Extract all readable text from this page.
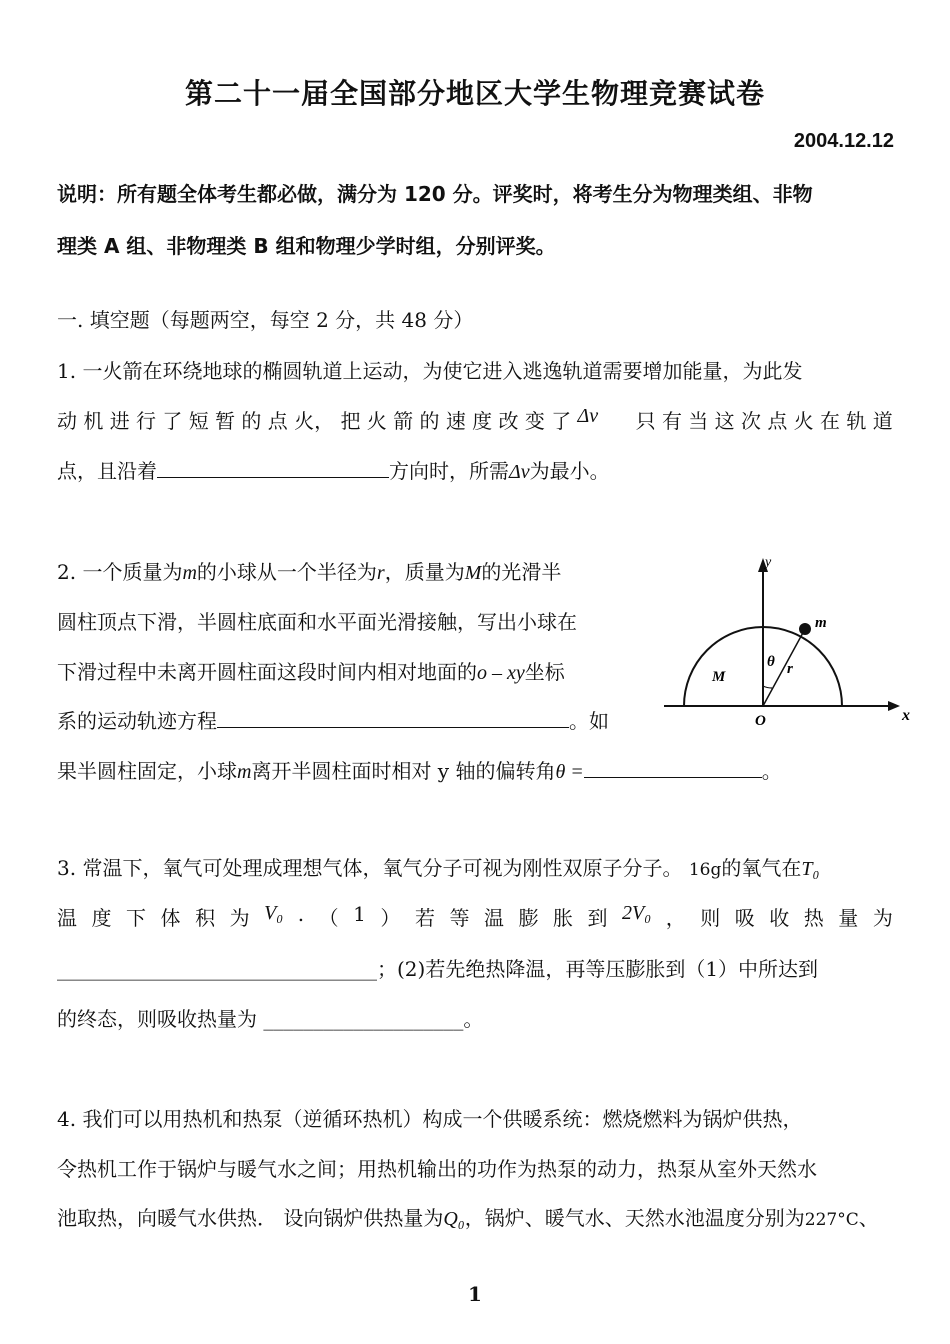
第二十一届全国部分地区大学生物理竞赛试卷
2004.12.12
说明：所有题全体考生都必做，满分为 120 分。评奖时，将考生分为物理类组、非物
理类 A 组、非物理类 B 组和物理少学时组，分别评奖。
一. 填空题（每题两空，每空 2 分，共 48 分）
1. 一火箭在环绕地球的椭圆轨道上运动，为使它进入逃逸轨道需要增加能量，为此发
动 机 进 行 了 短 暂 的 点 火， 把 火 箭 的 速 度 改 变 了 Δv⃗， 只 有 当 这 次 点 火 在 轨 道
点，且沿着	方向时，所需Δv为最小。
2. 一个质量为m的小球从一个半径为r，质量为M的光滑半
圆柱顶点下滑，半圆柱底面和水平面光滑接触，写出小球在
下滑过程中未离开圆柱面这段时间内相对地面的o – xy坐标
系的运动轨迹方程	。如
果半圆柱固定，小球m离开半圆柱面时相对 y 轴的偏转角θ =	。
y
x
O
M
m
θ r
3. 常温下，氧气可处理成理想气体，氧气分子可视为刚性双原子分子。 16g的氧气在T₀
温 度 下 体 积 为 V₀ . （ 1 ） 若 等 温 膨 胀 到 2V₀ ， 则 吸 收 热 量 为
________________________________；(2)若先绝热降温，再等压膨胀到（1）中所达到
的终态，则吸收热量为 ____________________。
4. 我们可以用热机和热泵（逆循环热机）构成一个供暖系统：燃烧燃料为锅炉供热，
令热机工作于锅炉与暖气水之间；用热机输出的功作为热泵的动力，热泵从室外天然水
池取热，向暖气水供热． 设向锅炉供热量为Q₀，锅炉、暖气水、天然水池温度分别为227°C、
1
